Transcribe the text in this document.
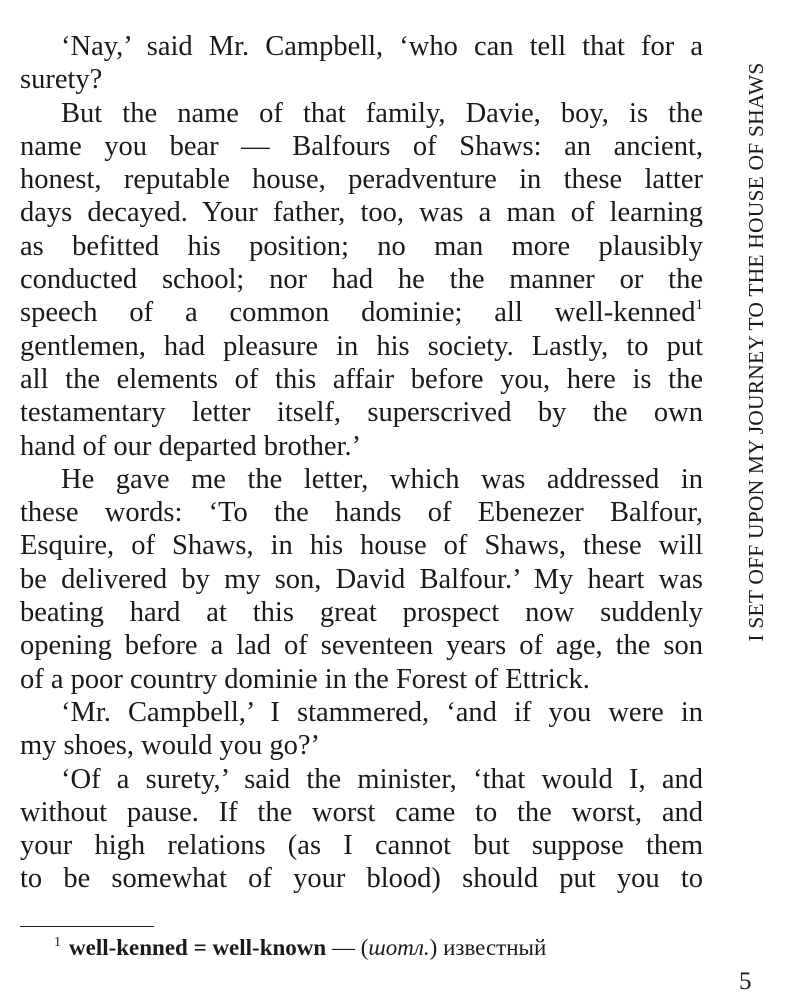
‘Nay,’ said Mr. Campbell, ‘who can tell that for a
surety?
But the name of that family, Davie, boy, is the
name you bear — Balfours of Shaws: an ancient,
honest, reputable house, peradventure in these latter
days decayed. Your father, too, was a man of learning
as befitted his position; no man more plausibly
conducted school; nor had he the manner or the
speech of a common dominie; all well-kenned$^1$
gentlemen, had pleasure in his society. Lastly, to put
all the elements of this affair before you, here is the
testamentary letter itself, superscrived by the own
hand of our departed brother.’
He gave me the letter, which was addressed in
these words: ‘To the hands of Ebenezer Balfour,
Esquire, of Shaws, in his house of Shaws, these will
be delivered by my son, David Balfour.’ My heart was
beating hard at this great prospect now suddenly
opening before a lad of seventeen years of age, the son
of a poor country dominie in the Forest of Ettrick.
‘Mr. Campbell,’ I stammered, ‘and if you were in
my shoes, would you go?’
‘Of a surety,’ said the minister, ‘that would I, and
without pause. If the worst came to the worst, and
your high relations (as I cannot but suppose them
to be somewhat of your blood) should put you to
$^1$ well-kenned = well-known — (шотл.) известный
I SET OFF UPON MY JOURNEY TO THE HOUSE OF SHAWS
5
